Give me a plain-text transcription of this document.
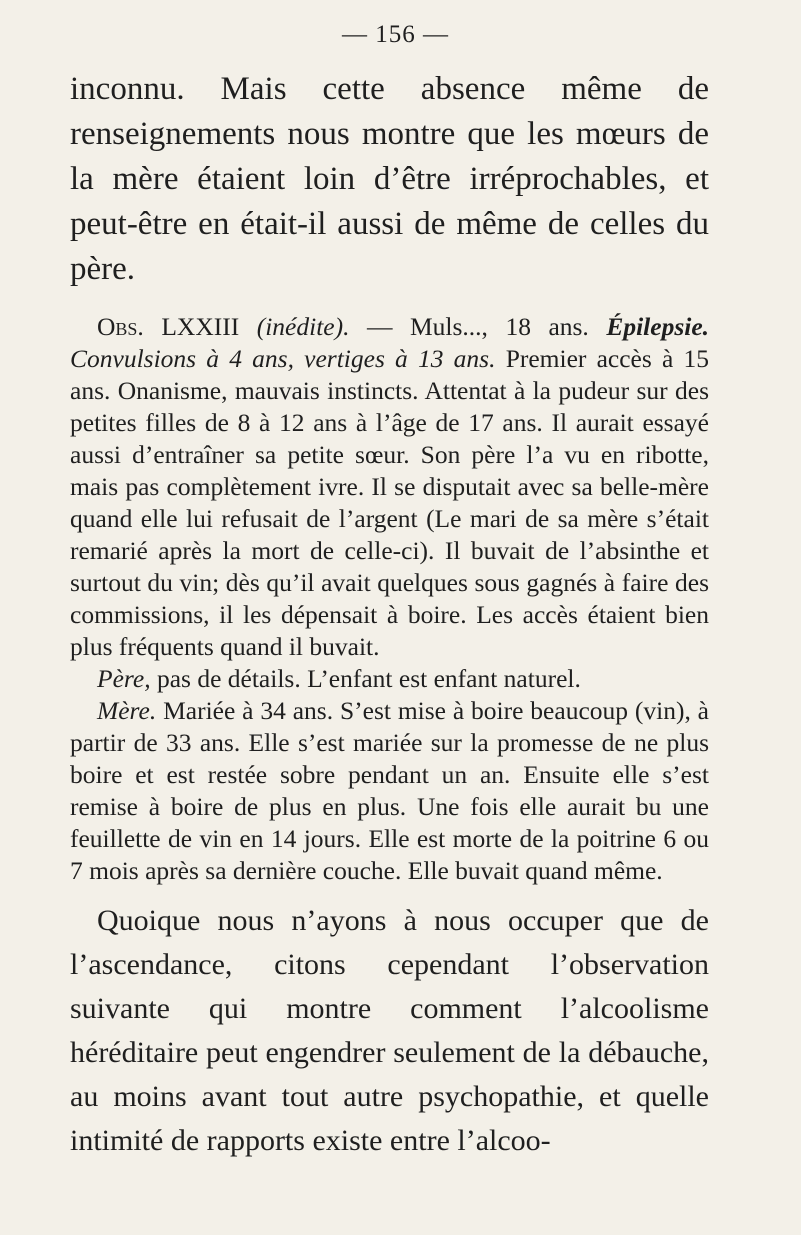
— 156 —

inconnu. Mais cette absence même de renseignements nous montre que les mœurs de la mère étaient loin d’être irréprochables, et peut-être en était-il aussi de même de celles du père.

Obs. LXXIII (inédite). — Muls..., 18 ans. Épilepsie. Convulsions à 4 ans, vertiges à 13 ans. Premier accès à 15 ans. Onanisme, mauvais instincts. Attentat à la pudeur sur des petites filles de 8 à 12 ans à l’âge de 17 ans. Il aurait essayé aussi d’entraîner sa petite sœur. Son père l’a vu en ribotte, mais pas complètement ivre. Il se disputait avec sa belle-mère quand elle lui refusait de l’argent (Le mari de sa mère s’était remarié après la mort de celle-ci). Il buvait de l’absinthe et surtout du vin; dès qu’il avait quelques sous gagnés à faire des commissions, il les dépensait à boire. Les accès étaient bien plus fréquents quand il buvait.

Père, pas de détails. L’enfant est enfant naturel.

Mère. Mariée à 34 ans. S’est mise à boire beaucoup (vin), à partir de 33 ans. Elle s’est mariée sur la promesse de ne plus boire et est restée sobre pendant un an. Ensuite elle s’est remise à boire de plus en plus. Une fois elle aurait bu une feuillette de vin en 14 jours. Elle est morte de la poitrine 6 ou 7 mois après sa dernière couche. Elle buvait quand même.

Quoique nous n’ayons à nous occuper que de l’ascendance, citons cependant l’observation suivante qui montre comment l’alcoolisme héréditaire peut engendrer seulement de la débauche, au moins avant tout autre psychopathie, et quelle intimité de rapports existe entre l’alcoo-
